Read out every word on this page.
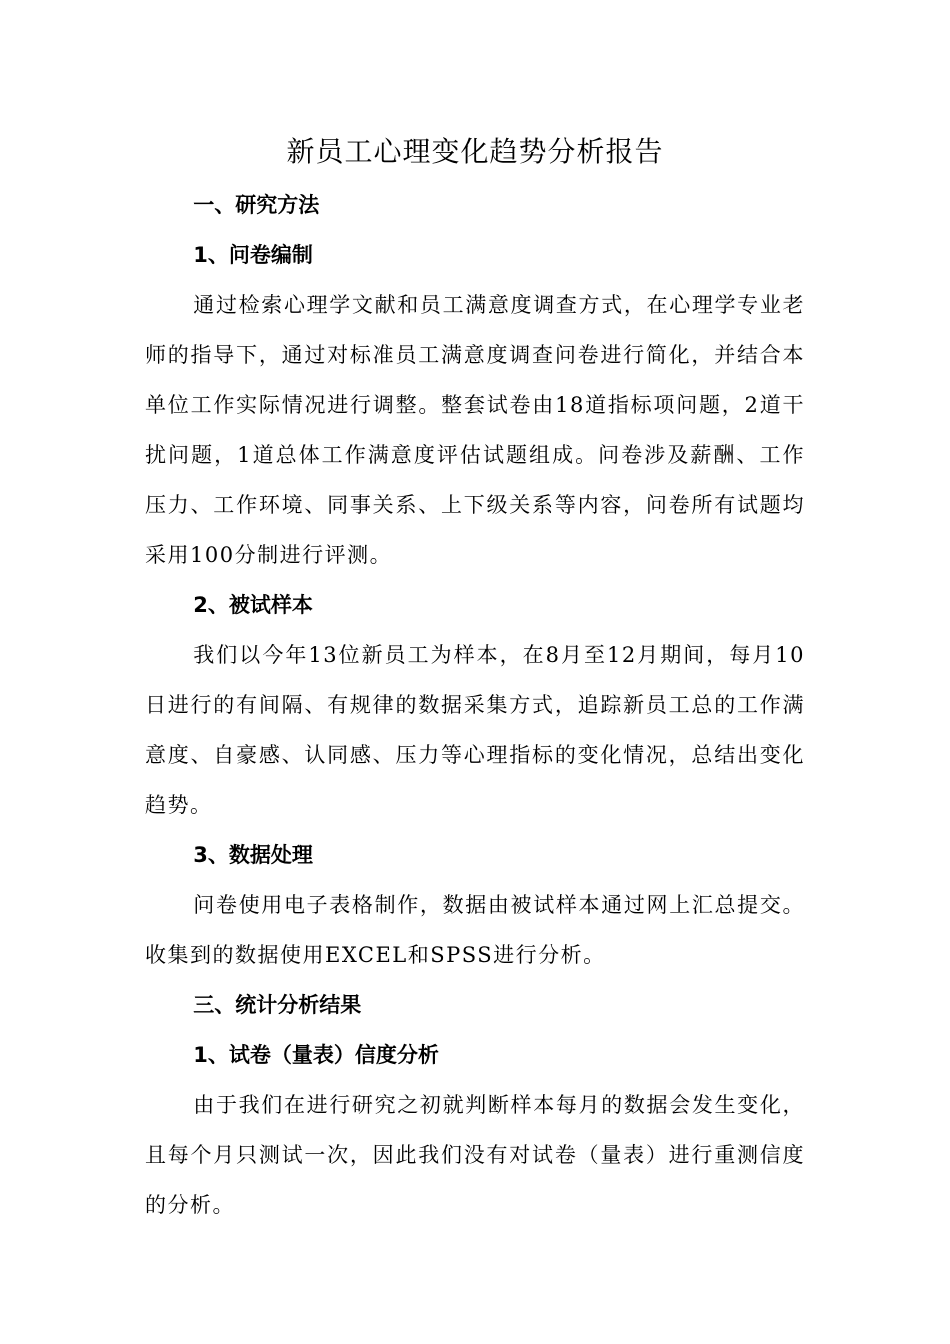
新员工心理变化趋势分析报告

一、研究方法

1、问卷编制

通过检索心理学文献和员工满意度调查方式，在心理学专业老师的指导下，通过对标准员工满意度调查问卷进行简化，并结合本单位工作实际情况进行调整。整套试卷由18道指标项问题，2道干扰问题，1道总体工作满意度评估试题组成。问卷涉及薪酬、工作压力、工作环境、同事关系、上下级关系等内容，问卷所有试题均采用100分制进行评测。

2、被试样本

我们以今年13位新员工为样本，在8月至12月期间，每月10日进行的有间隔、有规律的数据采集方式，追踪新员工总的工作满意度、自豪感、认同感、压力等心理指标的变化情况，总结出变化趋势。

3、数据处理

问卷使用电子表格制作，数据由被试样本通过网上汇总提交。收集到的数据使用EXCEL和SPSS进行分析。

三、统计分析结果

1、试卷（量表）信度分析

由于我们在进行研究之初就判断样本每月的数据会发生变化，且每个月只测试一次，因此我们没有对试卷（量表）进行重测信度的分析。
